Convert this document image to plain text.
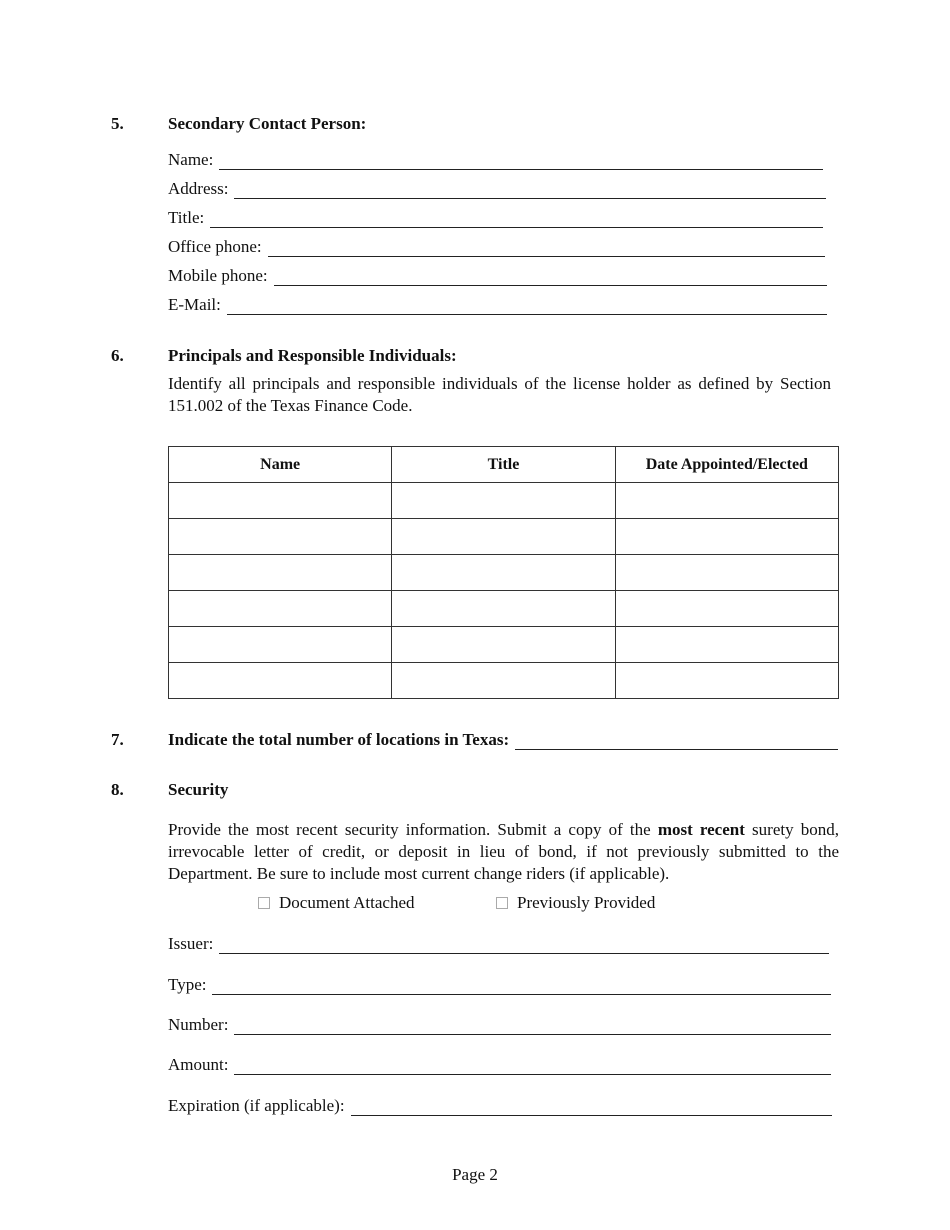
5.	Secondary Contact Person:
Name:
Address:
Title:
Office phone:
Mobile phone:
E-Mail:
6.	Principals and Responsible Individuals:

Identify all principals and responsible individuals of the license holder as defined by Section 151.002 of the Texas Finance Code.

Name	Title	Date Appointed/Elected

7.	Indicate the total number of locations in Texas:
8.	Security

Provide the most recent security information. Submit a copy of the most recent surety bond, irrevocable letter of credit, or deposit in lieu of bond, if not previously submitted to the Department. Be sure to include most current change riders (if applicable).

Document Attached	Previously Provided
Issuer:
Type:
Number:
Amount:
Expiration (if applicable):
Page 2
